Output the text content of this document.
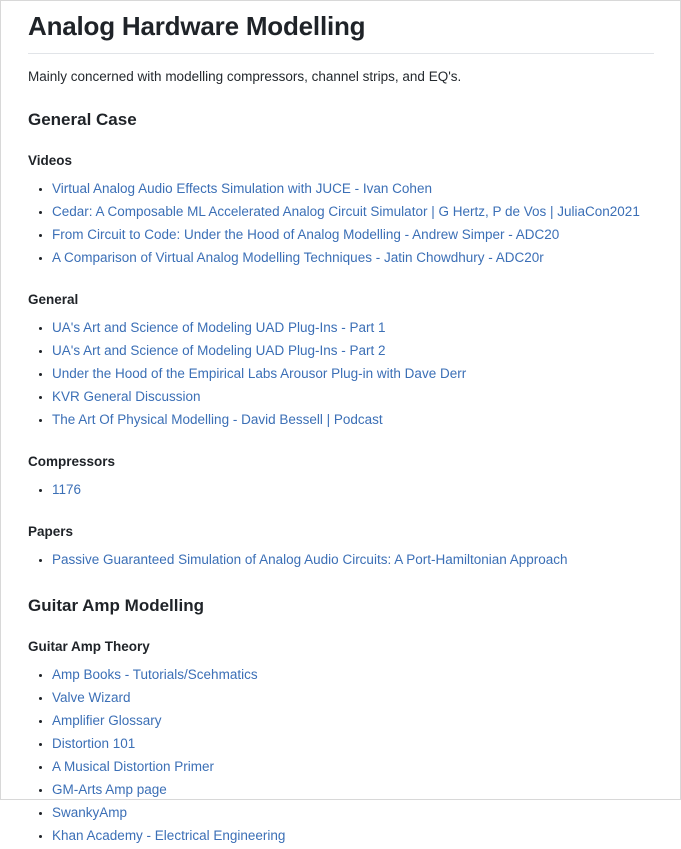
Analog Hardware Modelling

Mainly concerned with modelling compressors, channel strips, and EQ's.

General Case
Videos
• Virtual Analog Audio Effects Simulation with JUCE - Ivan Cohen
• Cedar: A Composable ML Accelerated Analog Circuit Simulator | G Hertz, P de Vos | JuliaCon2021
• From Circuit to Code: Under the Hood of Analog Modelling - Andrew Simper - ADC20
• A Comparison of Virtual Analog Modelling Techniques - Jatin Chowdhury - ADC20r
General
• UA's Art and Science of Modeling UAD Plug-Ins - Part 1
• UA's Art and Science of Modeling UAD Plug-Ins - Part 2
• Under the Hood of the Empirical Labs Arousor Plug-in with Dave Derr
• KVR General Discussion
• The Art Of Physical Modelling - David Bessell | Podcast
Compressors
• 1176
Papers
• Passive Guaranteed Simulation of Analog Audio Circuits: A Port-Hamiltonian Approach
Guitar Amp Modelling
Guitar Amp Theory
• Amp Books - Tutorials/Scehmatics
• Valve Wizard
• Amplifier Glossary
• Distortion 101
• A Musical Distortion Primer
• GM-Arts Amp page
• SwankyAmp
• Khan Academy - Electrical Engineering
